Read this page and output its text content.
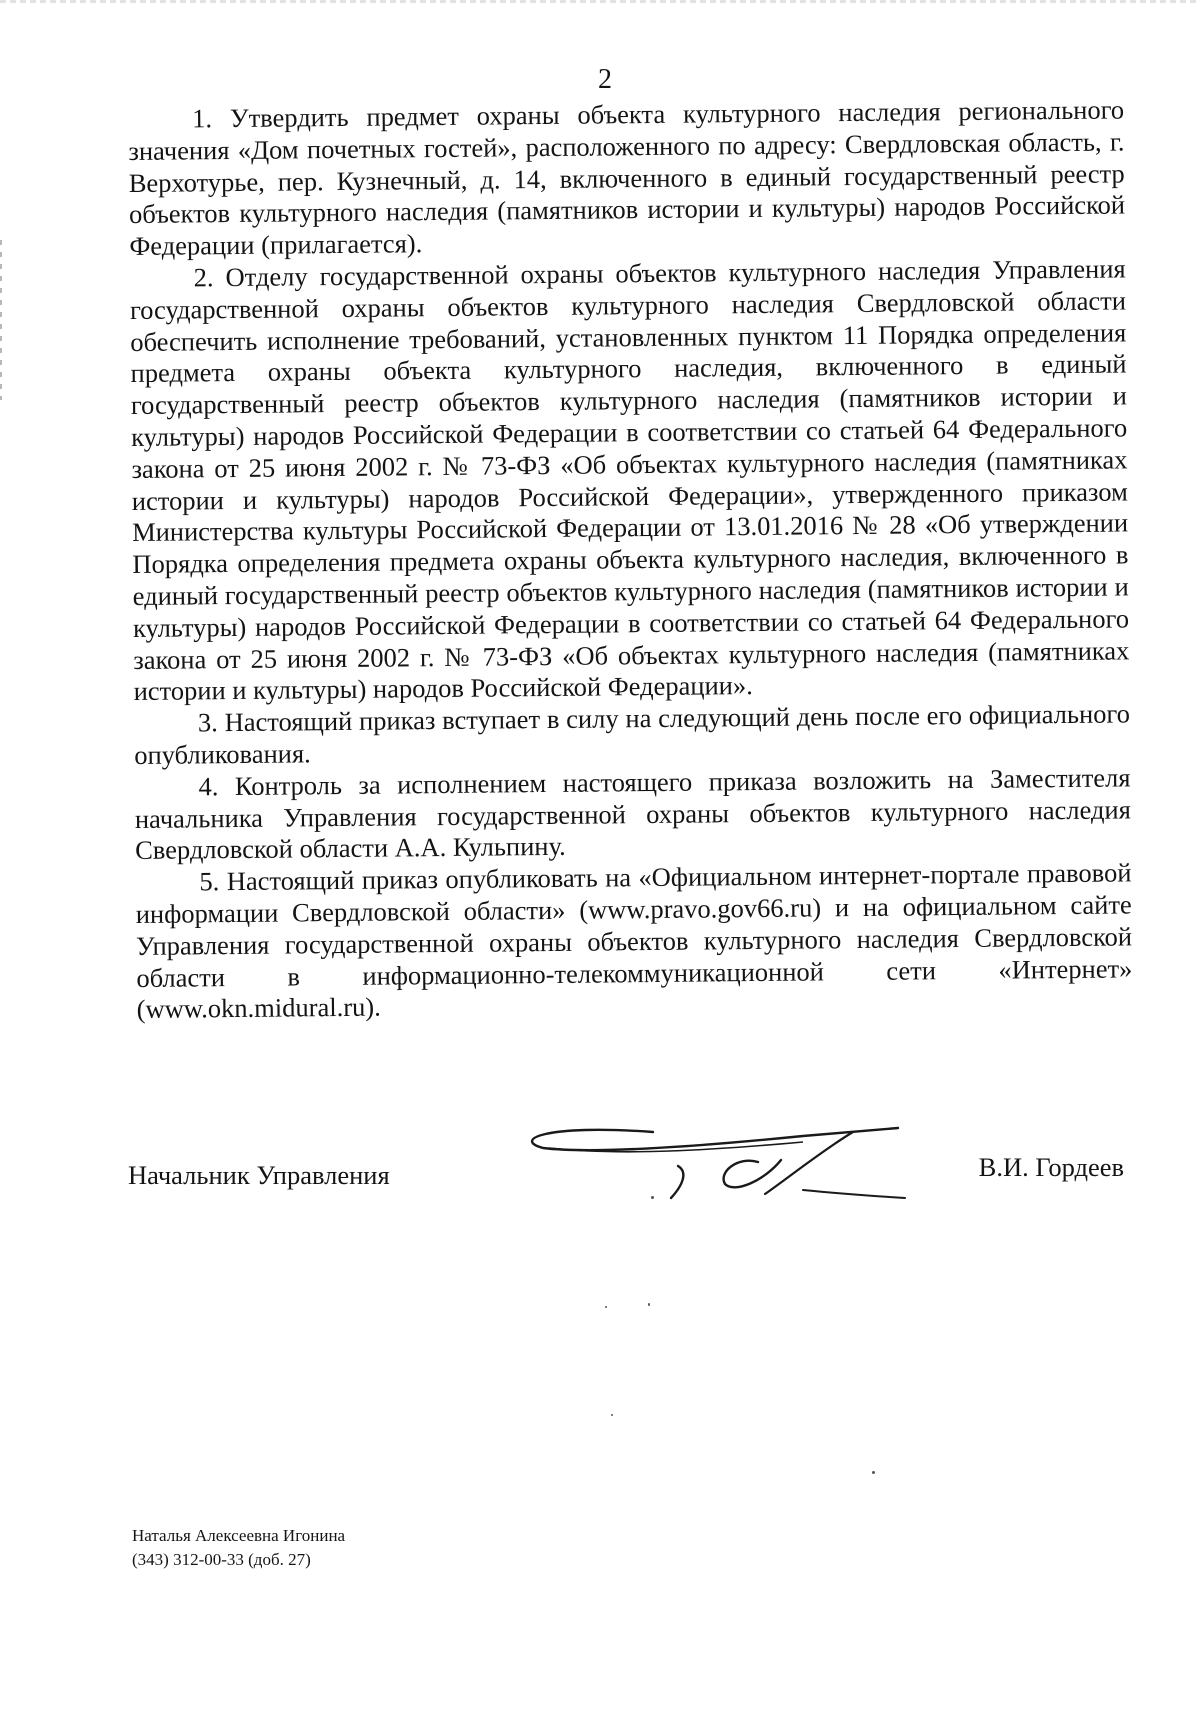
2

1. Утвердить предмет охраны объекта культурного наследия регионального значения «Дом почетных гостей», расположенного по адресу: Свердловская область, г. Верхотурье, пер. Кузнечный, д. 14, включенного в единый государственный реестр объектов культурного наследия (памятников истории и культуры) народов Российской Федерации (прилагается).

2. Отделу государственной охраны объектов культурного наследия Управления государственной охраны объектов культурного наследия Свердловской области обеспечить исполнение требований, установленных пунктом 11 Порядка определения предмета охраны объекта культурного наследия, включенного в единый государственный реестр объектов культурного наследия (памятников истории и культуры) народов Российской Федерации в соответствии со статьей 64 Федерального закона от 25 июня 2002 г. № 73-ФЗ «Об объектах культурного наследия (памятниках истории и культуры) народов Российской Федерации», утвержденного приказом Министерства культуры Российской Федерации от 13.01.2016 № 28 «Об утверждении Порядка определения предмета охраны объекта культурного наследия, включенного в единый государственный реестр объектов культурного наследия (памятников истории и культуры) народов Российской Федерации в соответствии со статьей 64 Федерального закона от 25 июня 2002 г. № 73-ФЗ «Об объектах культурного наследия (памятниках истории и культуры) народов Российской Федерации».

3. Настоящий приказ вступает в силу на следующий день после его официального опубликования.

4. Контроль за исполнением настоящего приказа возложить на Заместителя начальника Управления государственной охраны объектов культурного наследия Свердловской области А.А. Кульпину.

5. Настоящий приказ опубликовать на «Официальном интернет-портале правовой информации Свердловской области» (www.pravo.gov66.ru) и на официальном сайте Управления государственной охраны объектов культурного наследия Свердловской области в информационно-телекоммуникационной сети «Интернет» (www.okn.midural.ru).

Начальник Управления	В.И. Гордеев
Наталья Алексеевна Игонина
(343) 312-00-33 (доб. 27)
